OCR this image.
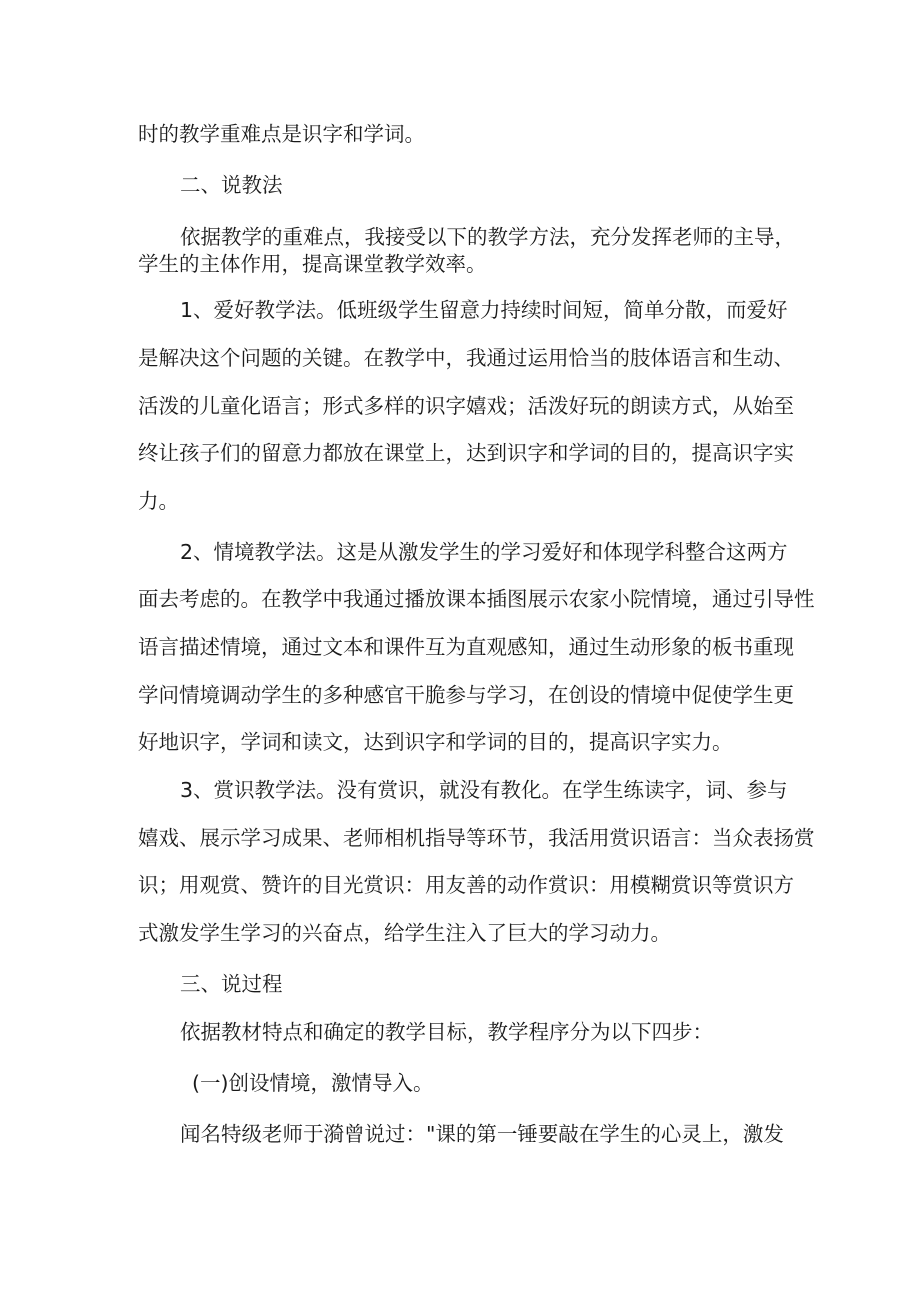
时的教学重难点是识字和学词。

二、说教法

依据教学的重难点，我接受以下的教学方法，充分发挥老师的主导，

学生的主体作用，提高课堂教学效率。

1、爱好教学法。低班级学生留意力持续时间短，简单分散，而爱好

是解决这个问题的关键。在教学中，我通过运用恰当的肢体语言和生动、

活泼的儿童化语言；形式多样的识字嬉戏；活泼好玩的朗读方式，从始至

终让孩子们的留意力都放在课堂上，达到识字和学词的目的，提高识字实

力。

2、情境教学法。这是从激发学生的学习爱好和体现学科整合这两方

面去考虑的。在教学中我通过播放课本插图展示农家小院情境，通过引导性

语言描述情境，通过文本和课件互为直观感知，通过生动形象的板书重现

学问情境调动学生的多种感官干脆参与学习，在创设的情境中促使学生更

好地识字，学词和读文，达到识字和学词的目的，提高识字实力。

3、赏识教学法。没有赏识，就没有教化。在学生练读字，词、参与

嬉戏、展示学习成果、老师相机指导等环节，我活用赏识语言：当众表扬赏

识；用观赏、赞许的目光赏识：用友善的动作赏识：用模糊赏识等赏识方

式激发学生学习的兴奋点，给学生注入了巨大的学习动力。

三、说过程

依据教材特点和确定的教学目标，教学程序分为以下四步：

(一)创设情境，激情导入。

闻名特级老师于漪曾说过："课的第一锤要敲在学生的心灵上，激发
